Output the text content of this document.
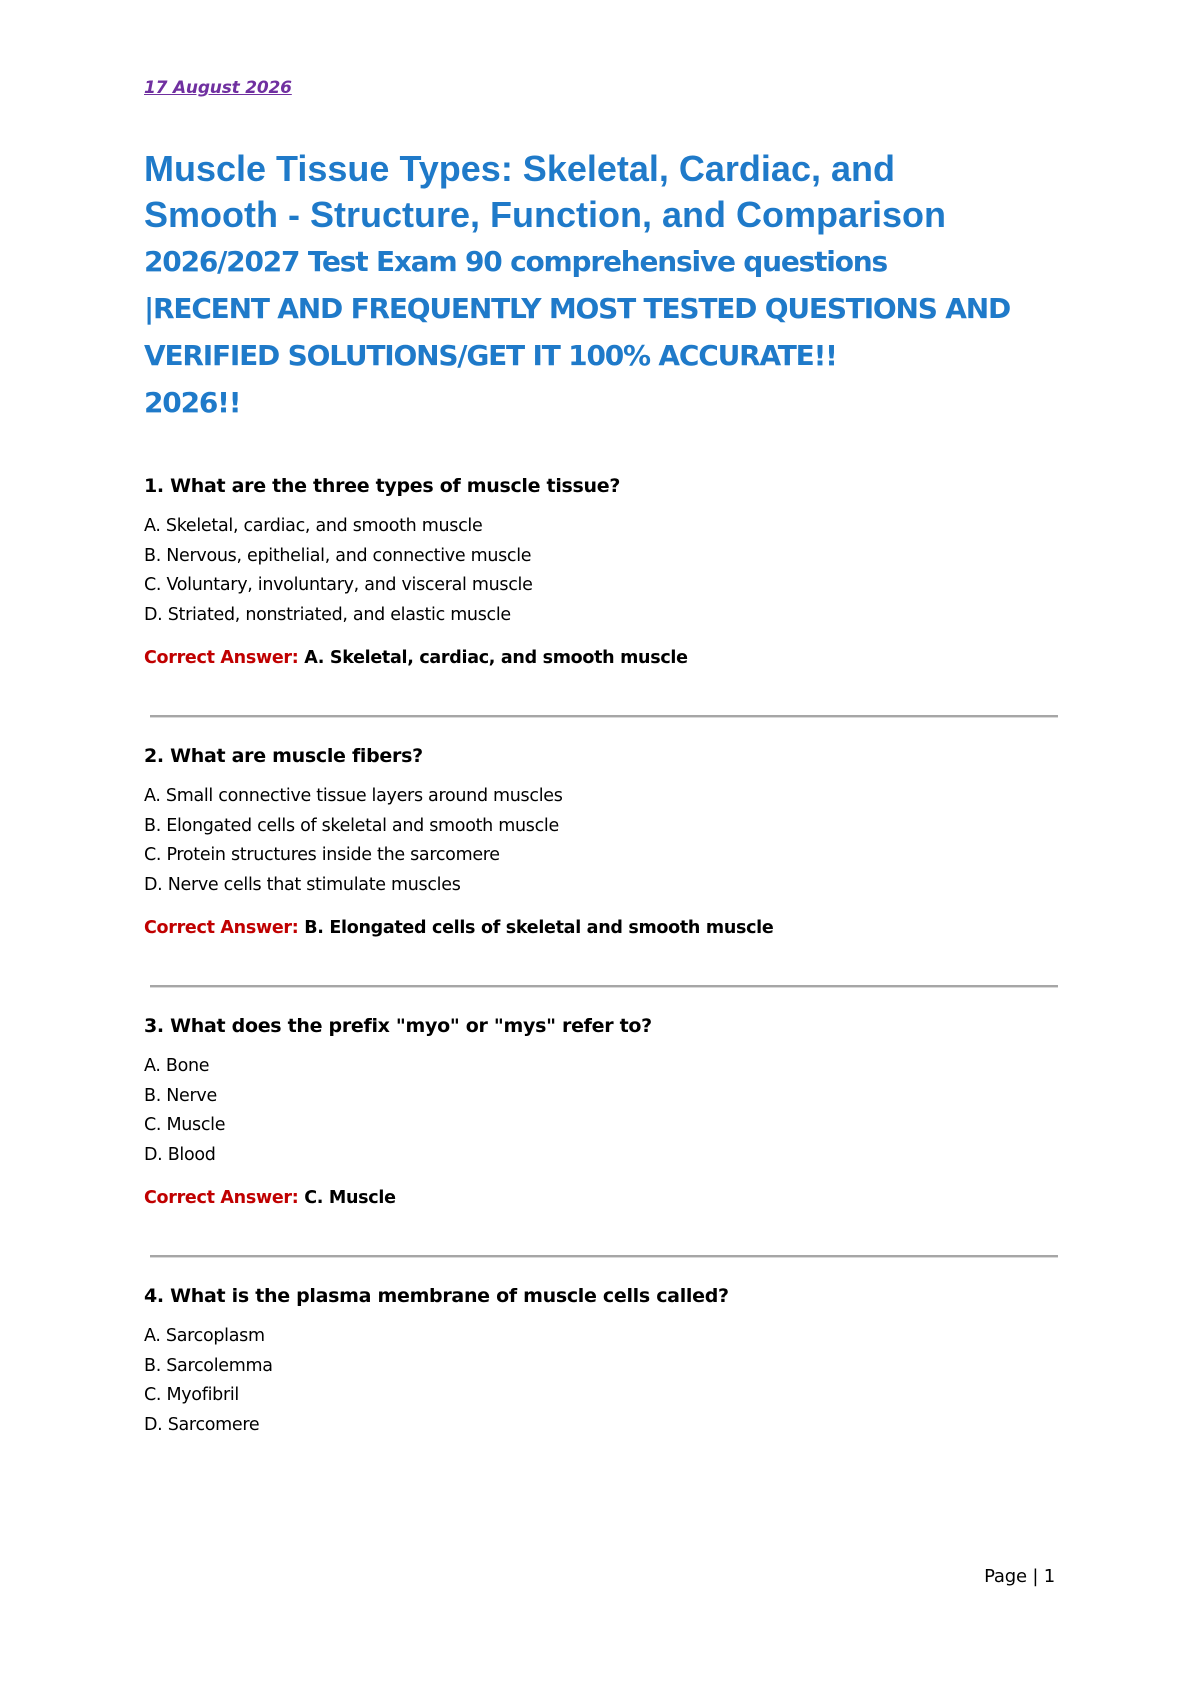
17 August 2026

Muscle Tissue Types: Skeletal, Cardiac, and

Smooth - Structure, Function, and Comparison

2026/2027 Test Exam 90 comprehensive questions

|RECENT AND FREQUENTLY MOST TESTED QUESTIONS AND

VERIFIED SOLUTIONS/GET IT 100% ACCURATE!!

2026!!

1. What are the three types of muscle tissue?

A. Skeletal, cardiac, and smooth muscle
B. Nervous, epithelial, and connective muscle
C. Voluntary, involuntary, and visceral muscle
D. Striated, nonstriated, and elastic muscle
Correct Answer: A. Skeletal, cardiac, and smooth muscle

2. What are muscle fibers?

A. Small connective tissue layers around muscles
B. Elongated cells of skeletal and smooth muscle
C. Protein structures inside the sarcomere
D. Nerve cells that stimulate muscles
Correct Answer: B. Elongated cells of skeletal and smooth muscle

3. What does the prefix "myo" or "mys" refer to?

A. Bone
B. Nerve
C. Muscle
D. Blood
Correct Answer: C. Muscle

4. What is the plasma membrane of muscle cells called?

A. Sarcoplasm
B. Sarcolemma
C. Myofibril
D. Sarcomere
Page | 1
